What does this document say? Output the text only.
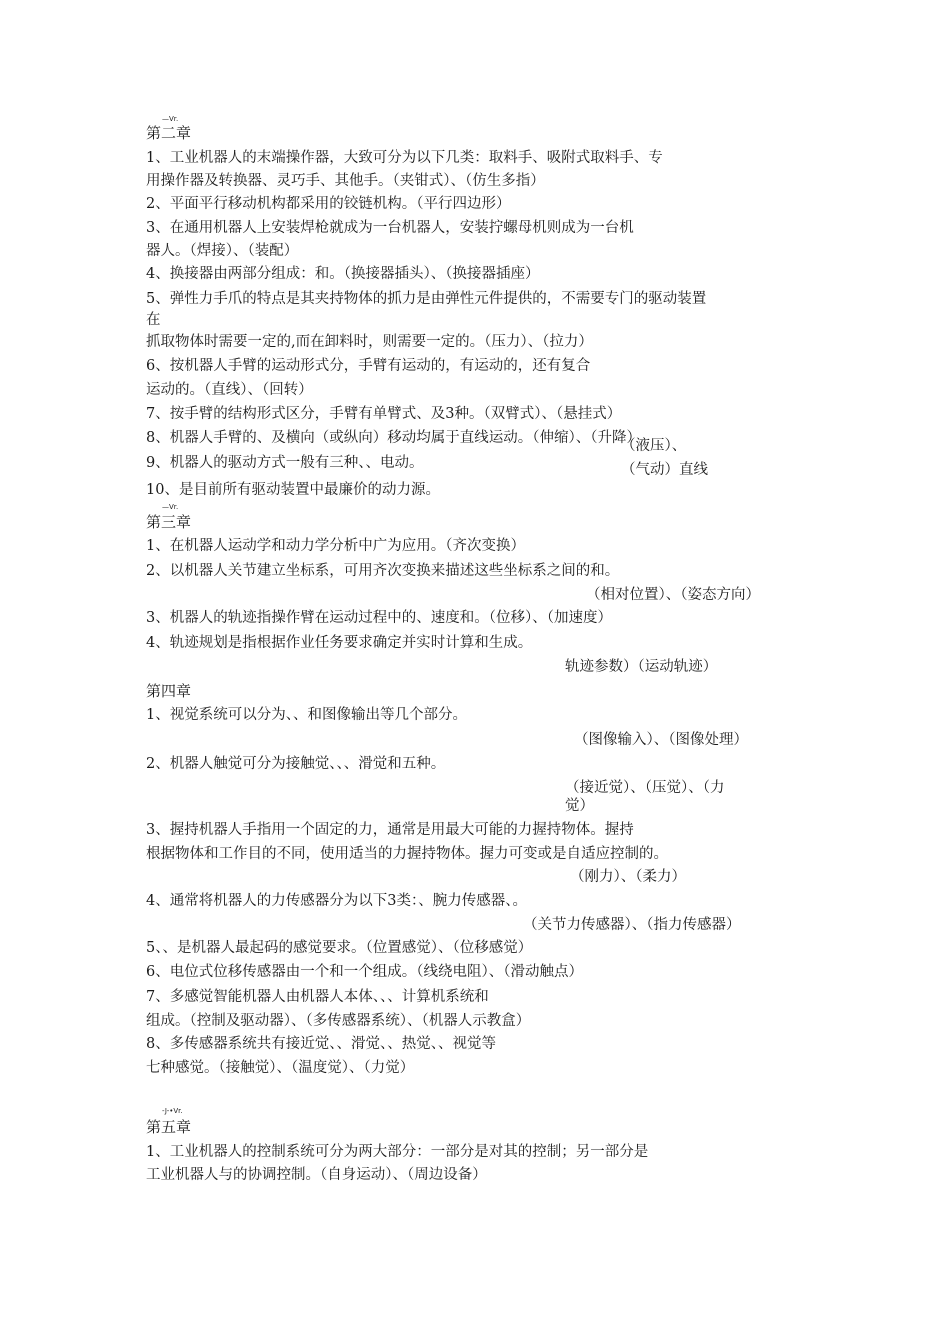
—Vr.
第二章
1、工业机器人的末端操作器，大致可分为以下几类：取料手、吸附式取料手、专
用操作器及转换器、灵巧手、其他手。（夹钳式）、（仿生多指）
2、平面平行移动机构都采用的铰链机构。（平行四边形）
3、在通用机器人上安装焊枪就成为一台机器人，安装拧螺母机则成为一台机
器人。（焊接）、（装配）
4、换接器由两部分组成：和。（换接器插头）、（换接器插座）
5、弹性力手爪的特点是其夹持物体的抓力是由弹性元件提供的，不需要专门的驱动装置
在
抓取物体时需要一定的,而在卸料时，则需要一定的。（压力）、（拉力）
6、按机器人手臂的运动形式分，手臂有运动的，有运动的，还有复合
运动的。（直线）、（回转）
7、按手臂的结构形式区分，手臂有单臂式、及3种。（双臂式）、（悬挂式）
8、机器人手臂的、及横向（或纵向）移动均属于直线运动。（伸缩）、（升降）
（液压）、
9、机器人的驱动方式一般有三种、、电动。	（气动）直线
10、是目前所有驱动装置中最廉价的动力源。
—Vr.
第三章
1、在机器人运动学和动力学分析中广为应用。（齐次变换）
2、以机器人关节建立坐标系，可用齐次变换来描述这些坐标系之间的和。
（相对位置）、（姿态方向）
3、机器人的轨迹指操作臂在运动过程中的、速度和。（位移）、（加速度）
4、轨迹规划是指根据作业任务要求确定并实时计算和生成。
轨迹参数）（运动轨迹）
第四章
1、视觉系统可以分为、、和图像输出等几个部分。
（图像输入）、（图像处理）
2、机器人触觉可分为接触觉、、、滑觉和五种。
（接近觉）、（压觉）、（力
觉）
3、握持机器人手指用一个固定的力，通常是用最大可能的力握持物体。握持
根据物体和工作目的不同，使用适当的力握持物体。握力可变或是自适应控制的。
（刚力）、（柔力）
4、通常将机器人的力传感器分为以下3类：、腕力传感器、。
（关节力传感器）、（指力传感器）
5、、是机器人最起码的感觉要求。（位置感觉）、（位移感觉）
6、电位式位移传感器由一个和一个组成。（线绕电阻）、（滑动触点）
7、多感觉智能机器人由机器人本体、、、计算机系统和
组成。（控制及驱动器）、（多传感器系统）、（机器人示教盒）
8、多传感器系统共有接近觉、、滑觉、、热觉、、视觉等
七种感觉。（接触觉）、（温度觉）、（力觉）
-J-•Vr.
第五章
1、工业机器人的控制系统可分为两大部分：一部分是对其的控制；另一部分是
工业机器人与的协调控制。（自身运动）、（周边设备）
